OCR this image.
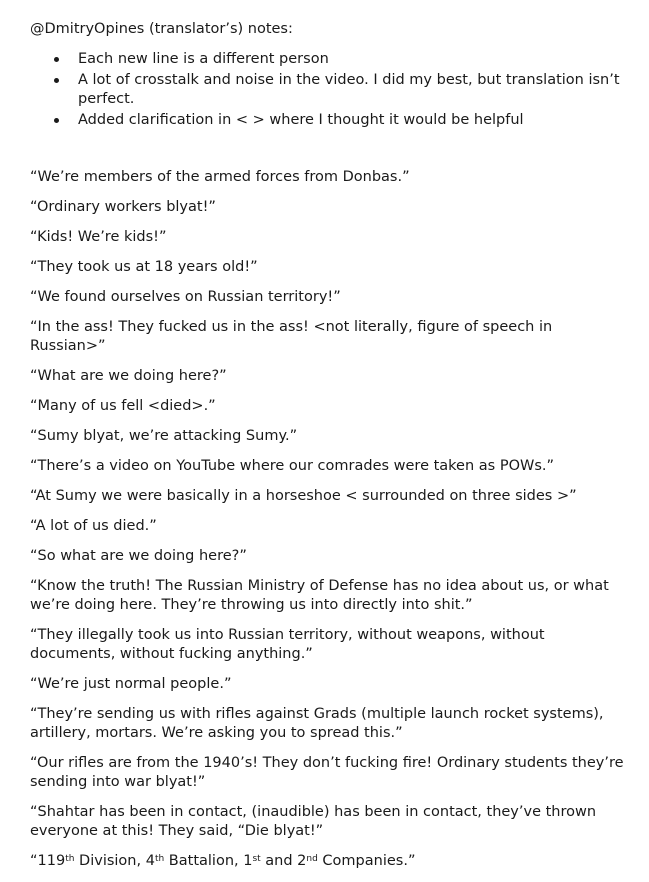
@DmitryOpines (translator’s) notes:

Each new line is a different person
A lot of crosstalk and noise in the video. I did my best, but translation isn’t perfect.
Added clarification in < > where I thought it would be helpful

“We’re members of the armed forces from Donbas.”

“Ordinary workers blyat!”

“Kids! We’re kids!”

“They took us at 18 years old!”

“We found ourselves on Russian territory!”

“In the ass! They fucked us in the ass! <not literally, figure of speech in Russian>”

“What are we doing here?”

“Many of us fell <died>.”

“Sumy blyat, we’re attacking Sumy.”

“There’s a video on YouTube where our comrades were taken as POWs.”

“At Sumy we were basically in a horseshoe < surrounded on three sides >”

“A lot of us died.”

“So what are we doing here?”

“Know the truth! The Russian Ministry of Defense has no idea about us, or what we’re doing here. They’re throwing us into directly into shit.”

“They illegally took us into Russian territory, without weapons, without documents, without fucking anything.”

“We’re just normal people.”

“They’re sending us with rifles against Grads (multiple launch rocket systems), artillery, mortars. We’re asking you to spread this.”

“Our rifles are from the 1940’s! They don’t fucking fire! Ordinary students they’re sending into war blyat!”

“Shahtar has been in contact, (inaudible) has been in contact, they’ve thrown everyone at this! They said, “Die blyat!”

“119th Division, 4th Battalion, 1st and 2nd Companies.”
